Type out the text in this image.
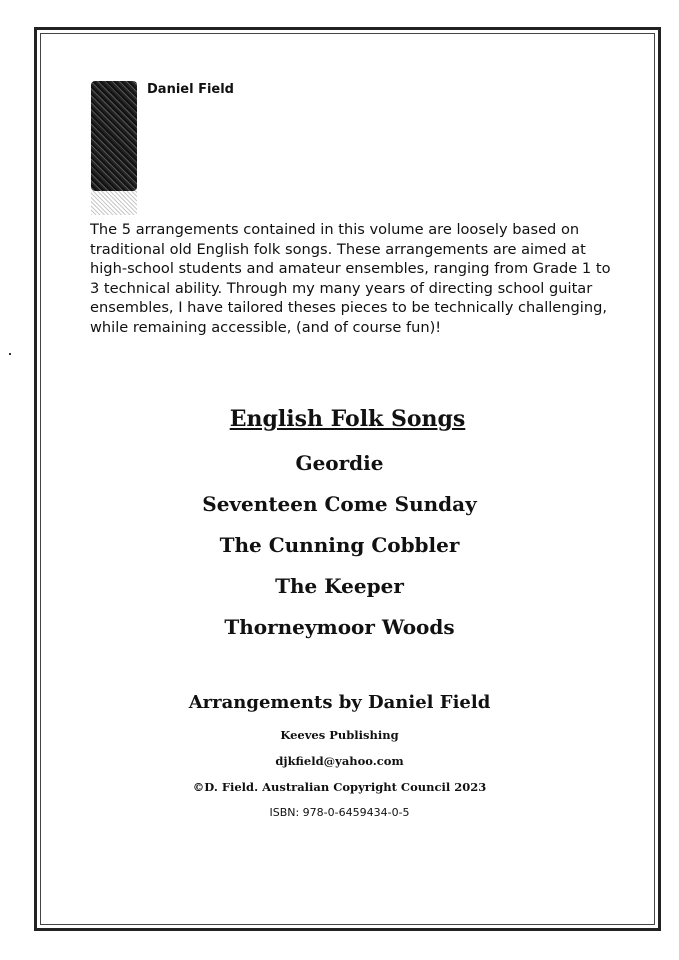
Daniel Field
The 5 arrangements contained in this volume are loosely based on traditional old English folk songs. These arrangements are aimed at high-school students and amateur ensembles, ranging from Grade 1 to 3 technical ability. Through my many years of directing school guitar ensembles, I have tailored theses pieces to be technically challenging, while remaining accessible, (and of course fun)!
English Folk Songs
Geordie
Seventeen Come Sunday
The Cunning Cobbler
The Keeper
Thorneymoor Woods
Arrangements by Daniel Field
Keeves Publishing
djkfield@yahoo.com
©D. Field. Australian Copyright Council 2023
ISBN: 978-0-6459434-0-5
